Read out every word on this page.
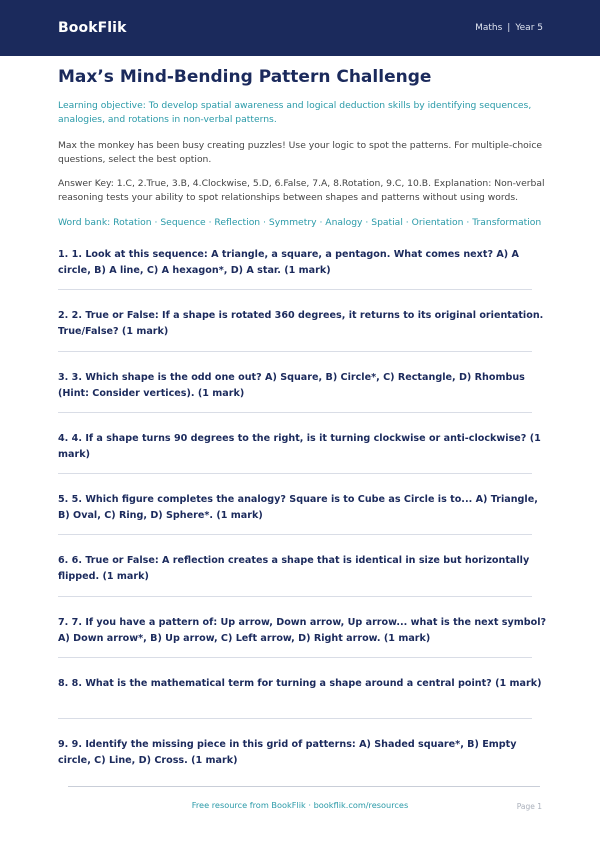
BookFlik	Maths | Year 5
Max’s Mind-Bending Pattern Challenge
Learning objective: To develop spatial awareness and logical deduction skills by identifying sequences, analogies, and rotations in non-verbal patterns.
Max the monkey has been busy creating puzzles! Use your logic to spot the patterns. For multiple-choice questions, select the best option.
Answer Key: 1.C, 2.True, 3.B, 4.Clockwise, 5.D, 6.False, 7.A, 8.Rotation, 9.C, 10.B. Explanation: Non-verbal reasoning tests your ability to spot relationships between shapes and patterns without using words.
Word bank: Rotation · Sequence · Reflection · Symmetry · Analogy · Spatial · Orientation · Transformation
1. 1. Look at this sequence: A triangle, a square, a pentagon. What comes next? A) A circle, B) A line, C) A hexagon*, D) A star. (1 mark)
2. 2. True or False: If a shape is rotated 360 degrees, it returns to its original orientation. True/False? (1 mark)
3. 3. Which shape is the odd one out? A) Square, B) Circle*, C) Rectangle, D) Rhombus (Hint: Consider vertices). (1 mark)
4. 4. If a shape turns 90 degrees to the right, is it turning clockwise or anti-clockwise? (1 mark)
5. 5. Which figure completes the analogy? Square is to Cube as Circle is to... A) Triangle, B) Oval, C) Ring, D) Sphere*. (1 mark)
6. 6. True or False: A reflection creates a shape that is identical in size but horizontally flipped. (1 mark)
7. 7. If you have a pattern of: Up arrow, Down arrow, Up arrow... what is the next symbol? A) Down arrow*, B) Up arrow, C) Left arrow, D) Right arrow. (1 mark)
8. 8. What is the mathematical term for turning a shape around a central point? (1 mark)
9. 9. Identify the missing piece in this grid of patterns: A) Shaded square*, B) Empty circle, C) Line, D) Cross. (1 mark)
Free resource from BookFlik · bookflik.com/resources	Page 1
